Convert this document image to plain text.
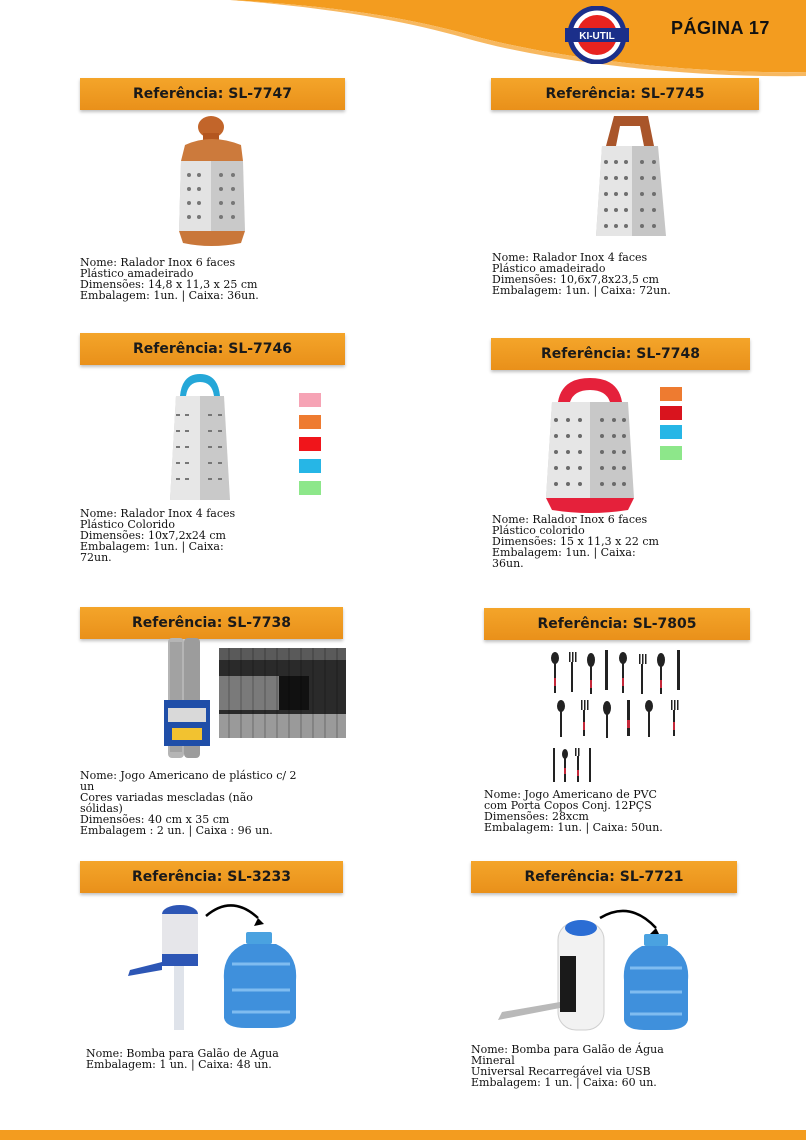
KI-UTIL	PÁGINA 17
Referência: SL-7747
Nome: Ralador Inox 6 faces
Plástico amadeirado
Dimensões: 14,8 x 11,3 x 25 cm
Embalagem: 1un. | Caixa: 36un.
Referência: SL-7745
Nome: Ralador Inox 4 faces
Plástico amadeirado
Dimensões: 10,6x7,8x23,5 cm
Embalagem: 1un. | Caixa: 72un.
Referência: SL-7746
Nome: Ralador Inox 4 faces
Plástico Colorido
Dimensões: 10x7,2x24 cm
Embalagem: 1un. | Caixa:
72un.
Referência: SL-7748
Nome: Ralador Inox 6 faces
Plástico colorido
Dimensões: 15 x 11,3 x 22 cm
Embalagem: 1un. | Caixa:
36un.
Referência: SL-7738
Nome: Jogo Americano de plástico c/ 2
un
Cores variadas mescladas (não
sólidas)
Dimensões: 40 cm x 35 cm
Embalagem : 2 un. | Caixa : 96 un.
Referência: SL-7805
Nome: Jogo Americano de PVC
com Porta Copos Conj. 12PÇS
Dimensões: 28xcm
Embalagem: 1un. | Caixa: 50un.
Referência: SL-3233
Nome: Bomba para Galão de Agua
Embalagem: 1 un. | Caixa: 48 un.
Referência: SL-7721
Nome: Bomba para Galão de Água
Mineral
Universal Recarregável via USB
Embalagem: 1 un. | Caixa: 60 un.
